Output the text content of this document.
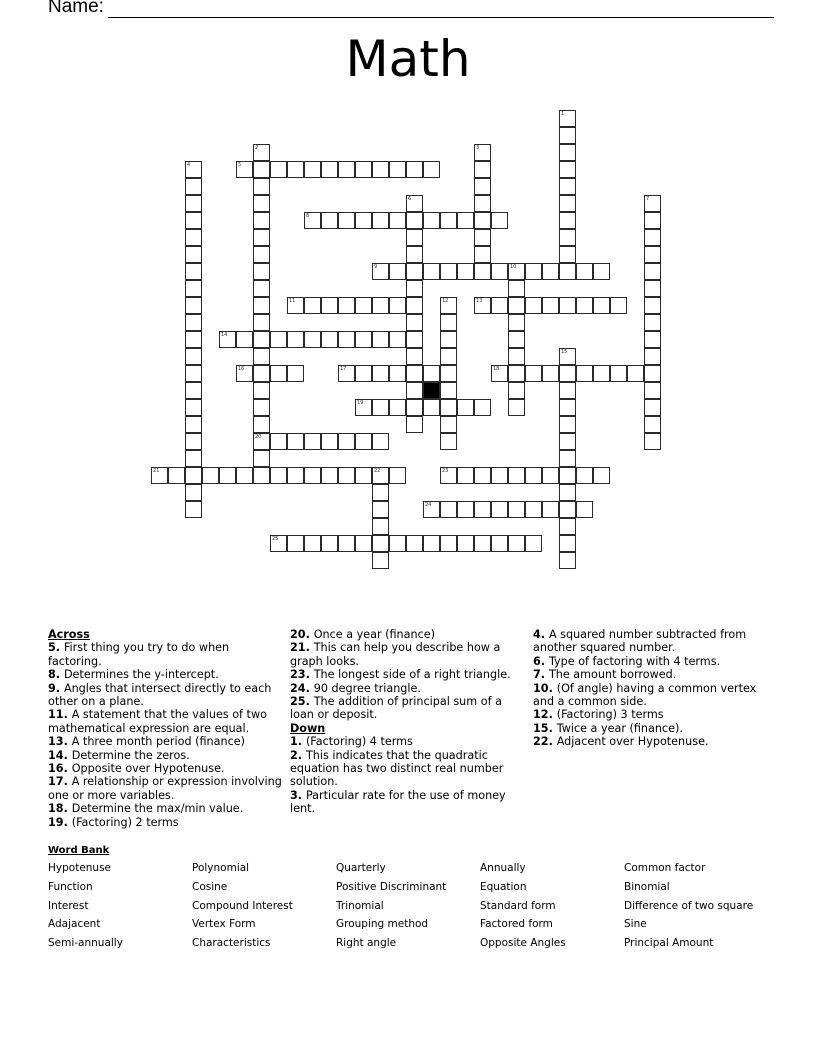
Name:
Math
1
2
20
3
4	5
6	7
8
9	10
11	12	13
14
15
16	17	18
19
21	22	23
24
25
Across
5. First thing you try to do when factoring.
8. Determines the y-intercept.
9. Angles that intersect directly to each other on a plane.
11. A statement that the values of two mathematical expression are equal.
13. A three month period (finance)
14. Determine the zeros.
16. Opposite over Hypotenuse.
17. A relationship or expression involving one or more variables.
18. Determine the max/min value.
19. (Factoring) 2 terms
20. Once a year (finance)
21. This can help you describe how a graph looks.
23. The longest side of a right triangle.
24. 90 degree triangle.
25. The addition of principal sum of a loan or deposit.
Down
1. (Factoring) 4 terms
2. This indicates that the quadratic equation has two distinct real number solution.
3. Particular rate for the use of money lent.
4. A squared number subtracted from another squared number.
6. Type of factoring with 4 terms.
7. The amount borrowed.
10. (Of angle) having a common vertex and a common side.
12. (Factoring) 3 terms
15. Twice a year (finance).
22. Adjacent over Hypotenuse.
Word Bank
Hypotenuse
Function
Interest
Adajacent
Semi-annually
Polynomial
Cosine
Compound Interest
Vertex Form
Characteristics
Quarterly
Positive Discriminant
Trinomial
Grouping method
Right angle
Annually
Equation
Standard form
Factored form
Opposite Angles
Common factor
Binomial
Difference of two square
Sine
Principal Amount
